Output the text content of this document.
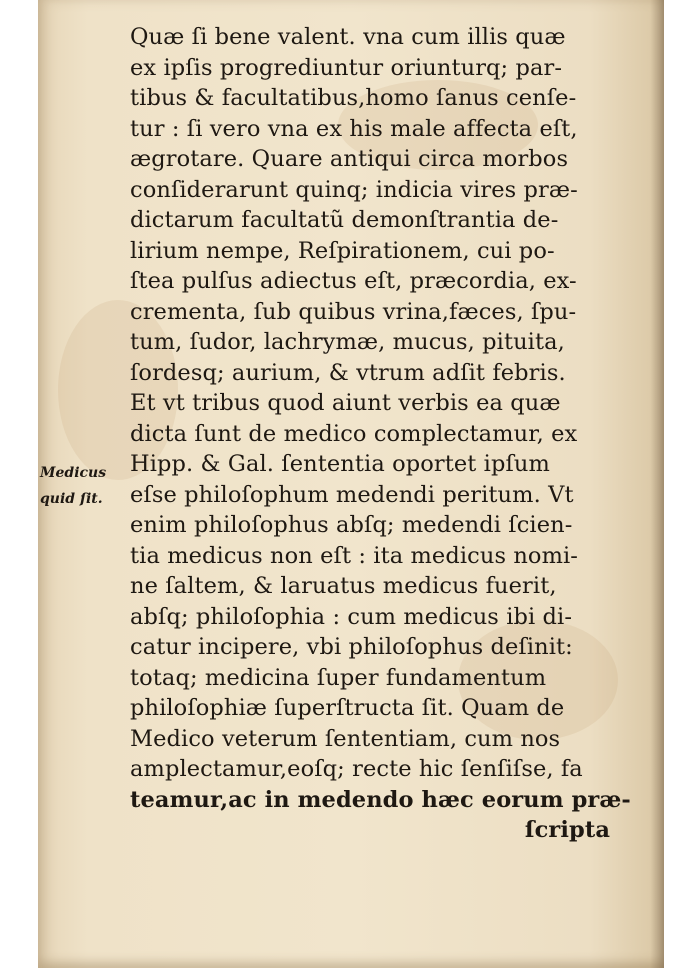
Medicus
quid ſit.
Quæ ſi bene valent. vna cum illis quæ
ex ipſis progrediuntur oriunturq; par-
tibus & facultatibus,homo ſanus cenſe-
tur : ſi vero vna ex his male affecta eſt,
ægrotare. Quare antiqui circa morbos
conſiderarunt quinq; indicia vires præ-
dictarum facultatũ demonſtrantia de-
lirium nempe, Reſpirationem, cui po-
ſtea pulſus adiectus eſt, præcordia, ex-
crementa, ſub quibus vrina,fæces, ſpu-
tum, ſudor, lachrymæ, mucus, pituita,
ſordesq; aurium, & vtrum adſit febris.
Et vt tribus quod aiunt verbis ea quæ
dicta ſunt de medico complectamur, ex
Hipp. & Gal. ſententia oportet ipſum
eſse philoſophum medendi peritum. Vt
enim philoſophus abſq; medendi ſcien-
tia medicus non eſt : ita medicus nomi-
ne ſaltem, & laruatus medicus fuerit,
abſq; philoſophia : cum medicus ibi di-
catur incipere, vbi philoſophus deſinit:
totaq; medicina ſuper fundamentum
philoſophiæ ſuperſtructa ſit. Quam de
Medico veterum ſententiam, cum nos
amplectamur,eoſq; recte hic ſenſiſse, fa
teamur,ac in medendo hæc eorum præ-
ſcripta
